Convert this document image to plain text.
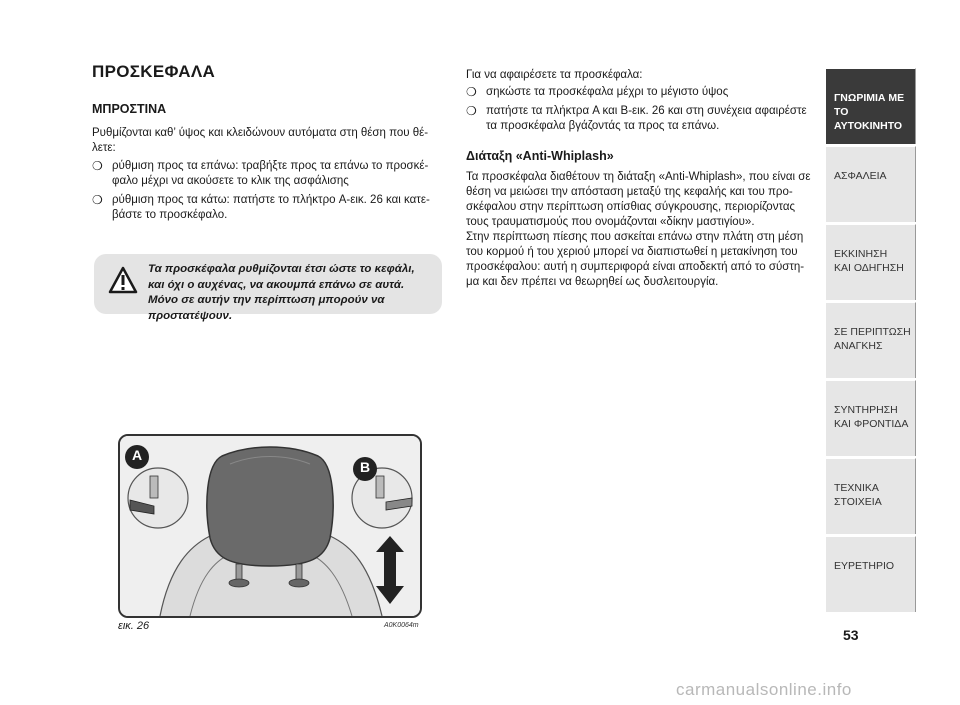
ΠΡΟΣΚΕΦΑΛΑ
ΜΠΡΟΣΤΙΝΑ

Ρυθμίζονται καθ’ ύψος και κλειδώνουν αυτόματα στη θέση που θέ-λετε:

❍ ρύθμιση προς τα επάνω: τραβήξτε προς τα επάνω το προσκέ-φαλο μέχρι να ακούσετε το κλικ της ασφάλισης
❍ ρύθμιση προς τα κάτω: πατήστε το πλήκτρο A-εικ. 26 και κατε-βάστε το προσκέφαλο.
Τα προσκέφαλα ρυθμίζονται έτσι ώστε το κεφάλι, και όχι ο αυχένας, να ακουμπά επάνω σε αυτά. Μόνο σε αυτήν την περίπτωση μπορούν να προστατέψουν.
A
B
εικ. 26	A0K0064m

Για να αφαιρέσετε τα προσκέφαλα:

❍ σηκώστε τα προσκέφαλα μέχρι το μέγιστο ύψος
❍ πατήστε τα πλήκτρα A και B-εικ. 26 και στη συνέχεια αφαιρέστε τα προσκέφαλα βγάζοντάς τα προς τα επάνω.
Διάταξη «Anti-Whiplash»

Τα προσκέφαλα διαθέτουν τη διάταξη «Anti-Whiplash», που είναι σε θέση να μειώσει την απόσταση μεταξύ της κεφαλής και του προ-σκέφαλου στην περίπτωση οπίσθιας σύγκρουσης, περιορίζοντας τους τραυματισμούς που ονομάζονται «δίκην μαστιγίου».

Στην περίπτωση πίεσης που ασκείται επάνω στην πλάτη στη μέση του κορμού ή του χεριού μπορεί να διαπιστωθεί η μετακίνηση του προσκέφαλου: αυτή η συμπεριφορά είναι αποδεκτή από το σύστη-μα και δεν πρέπει να θεωρηθεί ως δυσλειτουργία.

ΓΝΩΡΙΜΙΑ ΜΕ ΤΟ
ΑΥΤΟΚΙΝΗΤΟ
ΑΣΦΑΛΕΙΑ

ΕΚΚΙΝΗΣΗ
ΚΑΙ ΟΔΗΓΗΣΗ
ΣΕ ΠΕΡΙΠΤΩΣΗ
ΑΝΑΓΚΗΣ
ΣΥΝΤΗΡΗΣΗ
ΚΑΙ ΦΡΟΝΤΙΔΑ
ΤΕΧΝΙΚΑ
ΣΤΟΙΧΕΙΑ
ΕΥΡΕΤΗΡΙΟ

53
carmanualsonline.info
